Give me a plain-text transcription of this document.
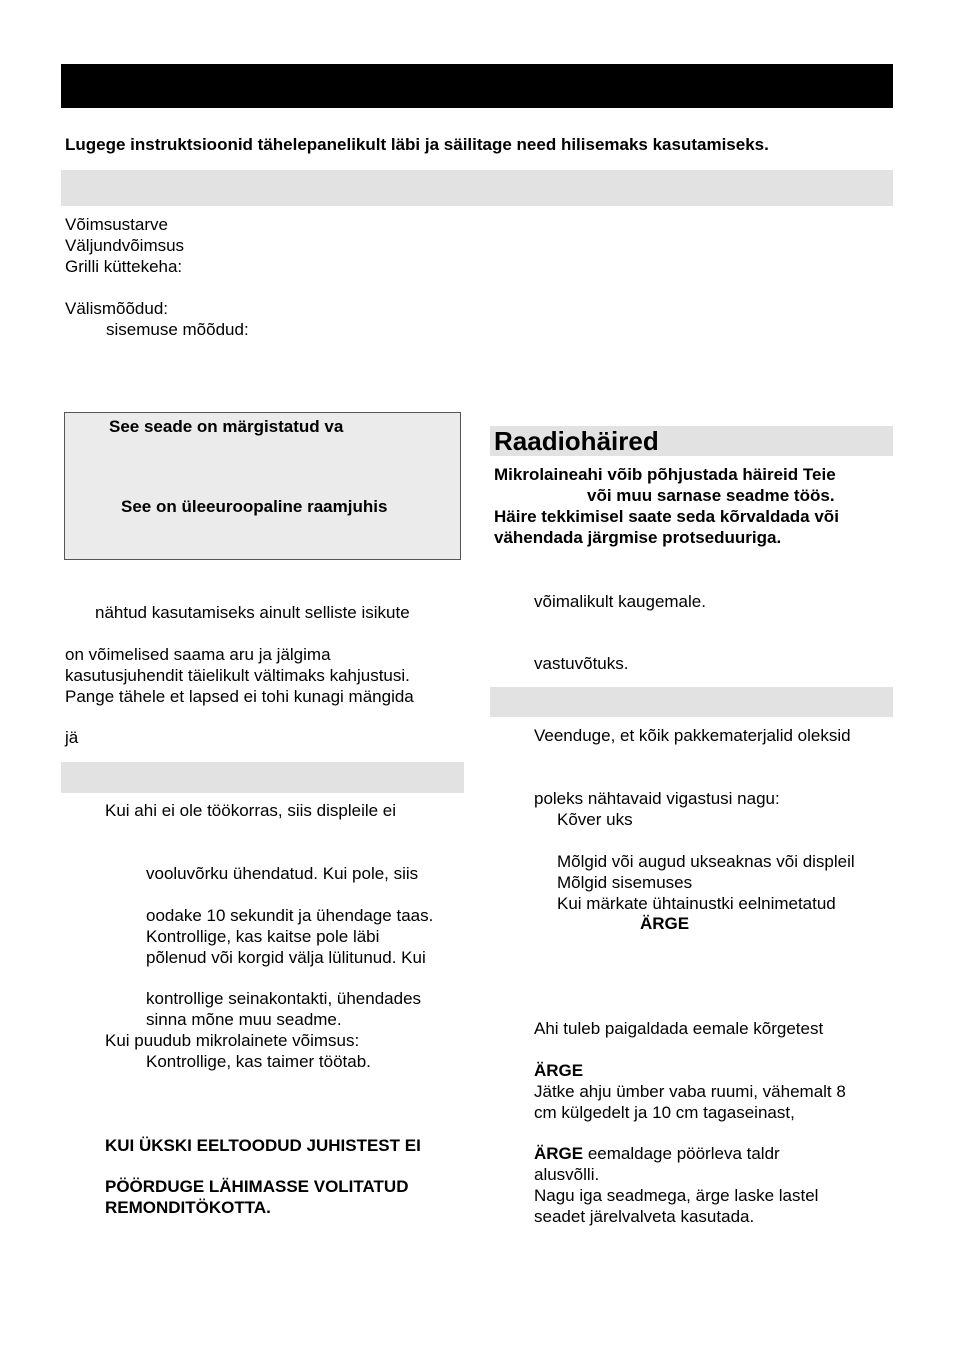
Lugege instruktsioonid tähelepanelikult läbi ja säilitage need hilisemaks kasutamiseks.
Võimsustarve
Väljundvõimsus
Grilli küttekeha:
Välismõõdud:
sisemuse mõõdud:
See seade on märgistatud va
See on üleeuroopaline raamjuhis
nähtud kasutamiseks ainult selliste isikute
on võimelised saama aru ja jälgima
kasutusjuhendit täielikult vältimaks kahjustusi.
Pange tähele et lapsed ei tohi kunagi mängida
jä
Kui ahi ei ole töökorras, siis displeile ei
vooluvõrku ühendatud. Kui pole, siis
oodake 10 sekundit ja ühendage taas.
Kontrollige, kas kaitse pole läbi
põlenud või korgid välja lülitunud. Kui
kontrollige seinakontakti, ühendades
sinna mõne muu seadme.
Kui puudub mikrolainete võimsus:
Kontrollige, kas taimer töötab.
KUI ÜKSKI EELTOODUD JUHISTEST EI
PÖÖRDUGE LÄHIMASSE VOLITATUD
REMONDITÖKOTTA.
Raadiohäired
Mikrolaineahi võib põhjustada häireid Teie
või muu sarnase seadme töös.
Häire tekkimisel saate seda kõrvaldada või
vähendada järgmise protseduuriga.
võimalikult kaugemale.
vastuvõtuks.
Veenduge, et kõik pakkematerjalid oleksid
poleks nähtavaid vigastusi nagu:
Kõver uks
Mõlgid või augud ukseaknas või displeil
Mõlgid sisemuses
Kui märkate ühtainustki eelnimetatud
ÄRGE
Ahi tuleb paigaldada eemale kõrgetest
ÄRGE
Jätke ahju ümber vaba ruumi, vähemalt 8
cm külgedelt ja 10 cm tagaseinast,
ÄRGE eemaldage pöörleva taldr
alusvõlli.
Nagu iga seadmega, ärge laske lastel
seadet järelvalveta kasutada.
